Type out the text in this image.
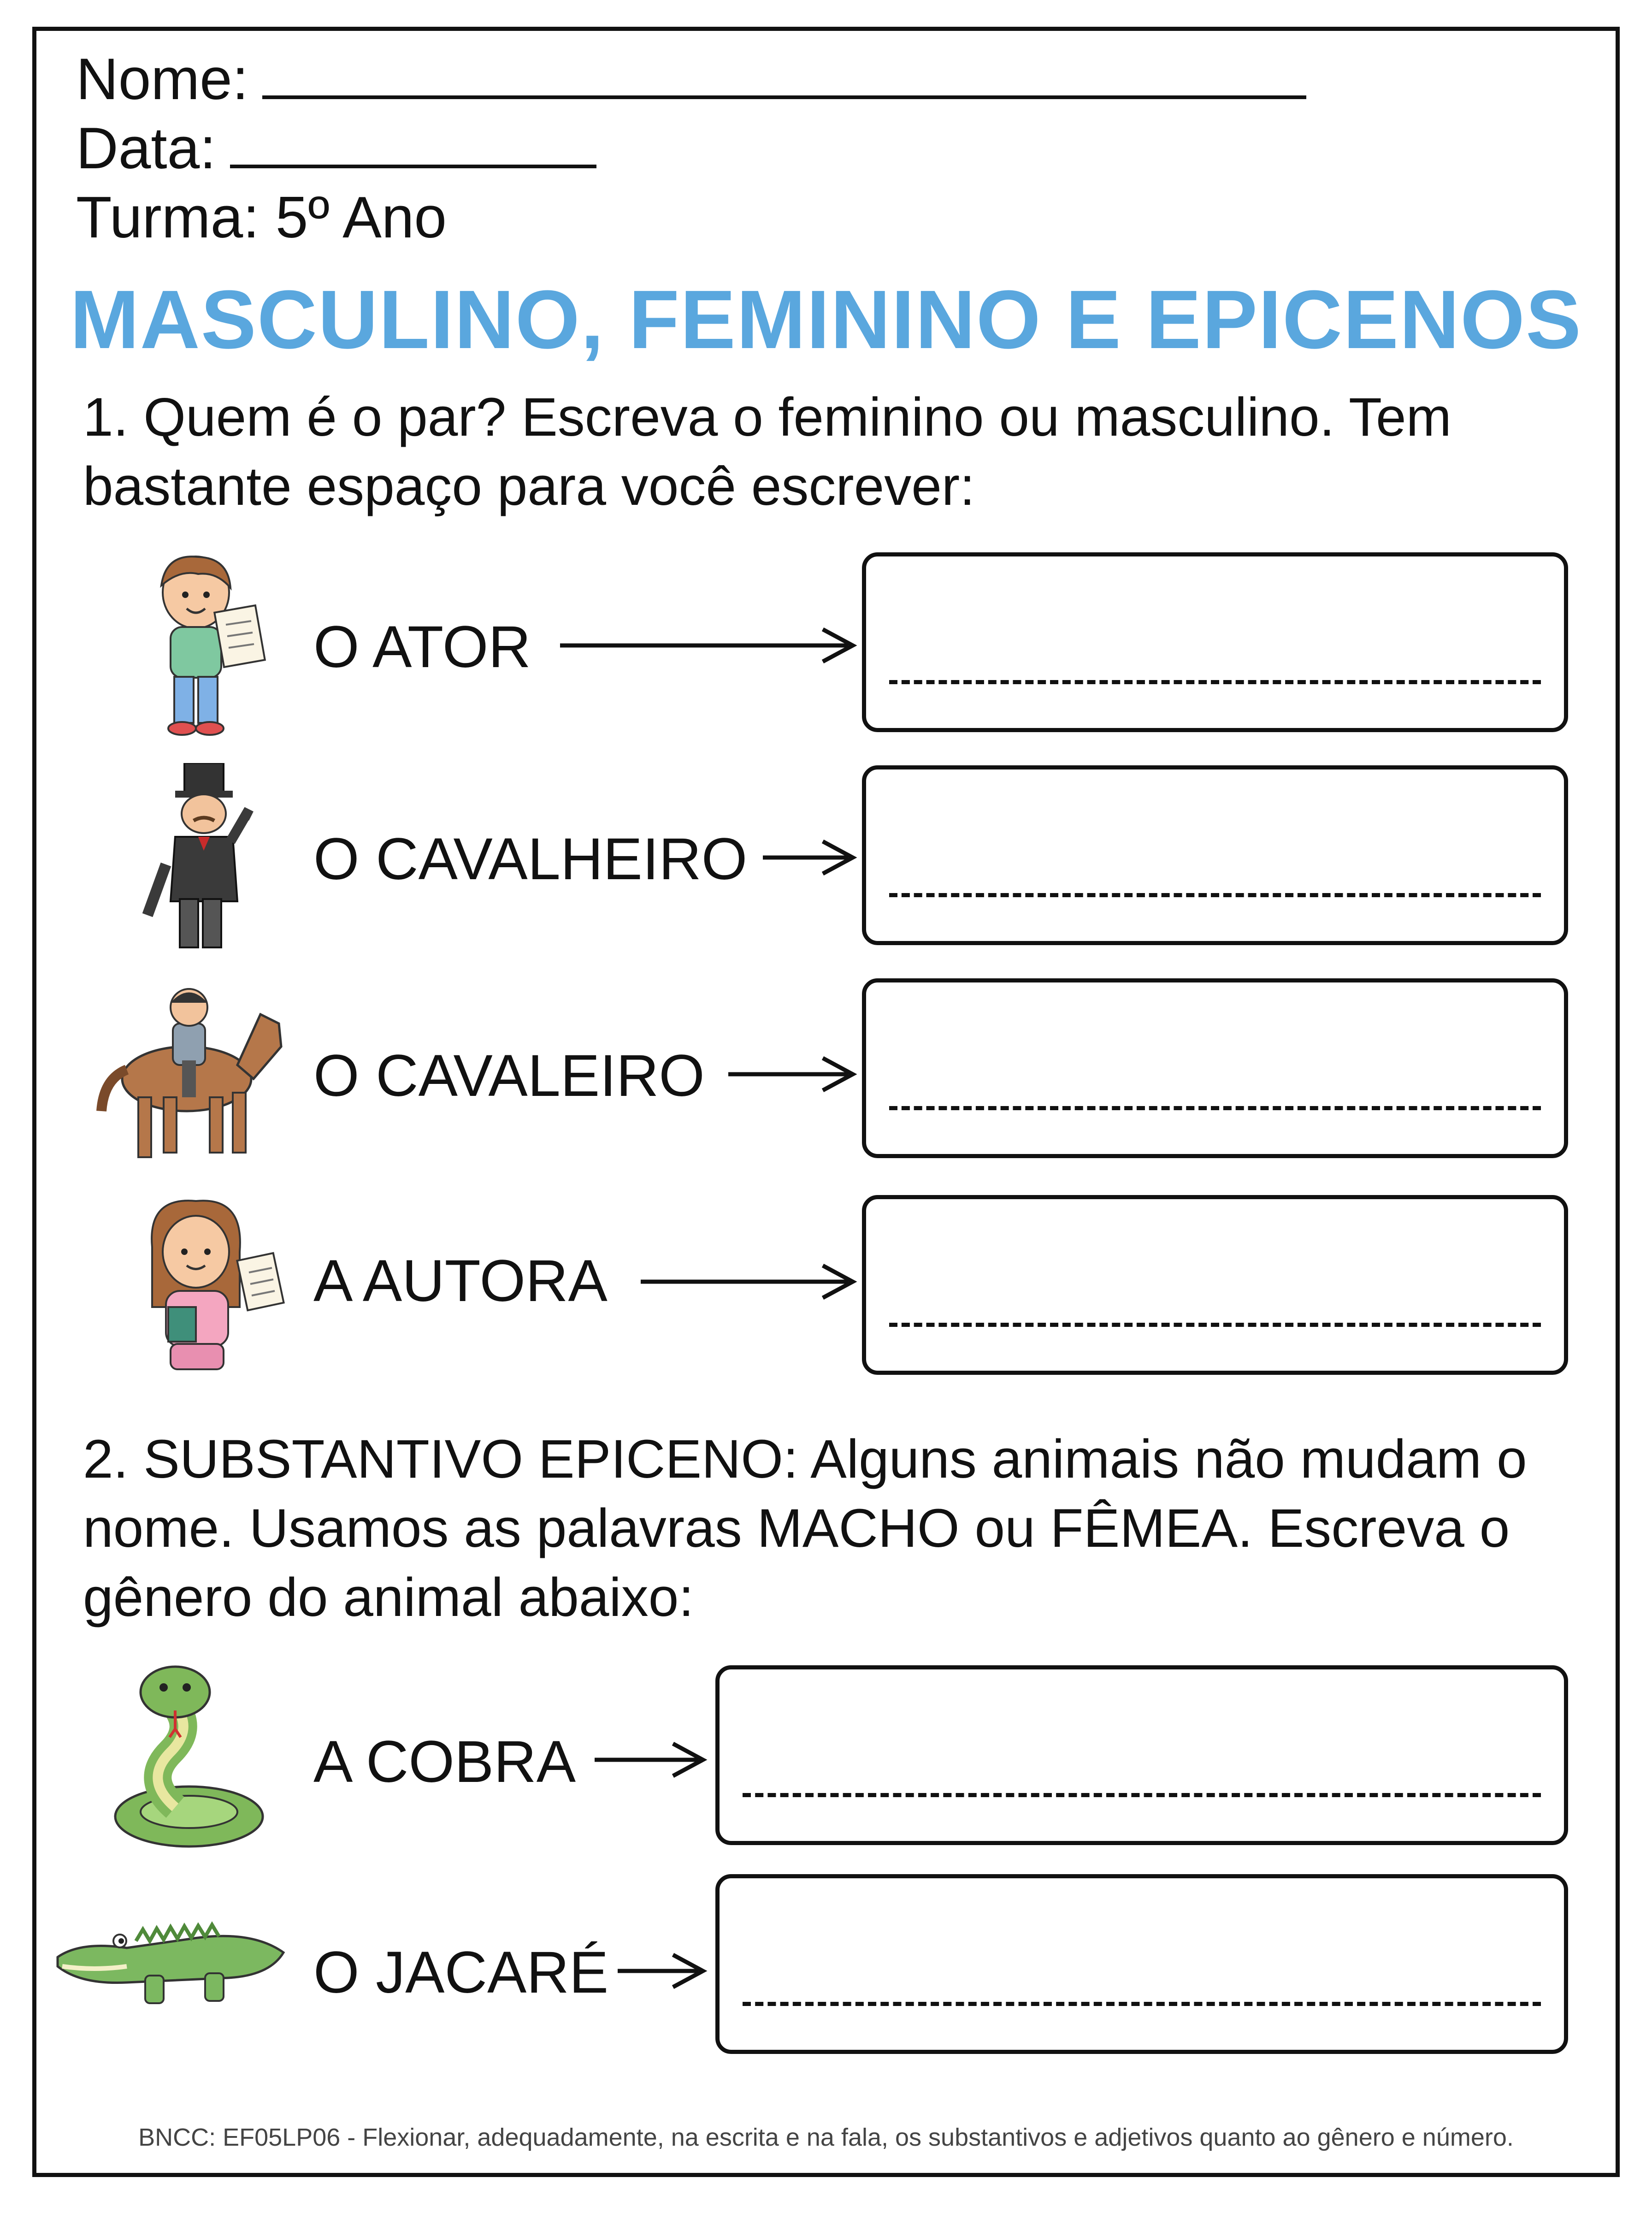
Nome:
Data:
Turma: 5º Ano
MASCULINO, FEMININO E EPICENOS
1. Quem é o par? Escreva o feminino ou masculino. Tem
bastante espaço para você escrever:
O ATOR
O CAVALHEIRO
O CAVALEIRO
A AUTORA
2. SUBSTANTIVO EPICENO: Alguns animais não mudam o
nome. Usamos as palavras MACHO ou FÊMEA. Escreva o
gênero do animal abaixo:
A COBRA
O JACARÉ
BNCC: EF05LP06 - Flexionar, adequadamente, na escrita e na fala, os substantivos e adjetivos quanto ao gênero e número.
